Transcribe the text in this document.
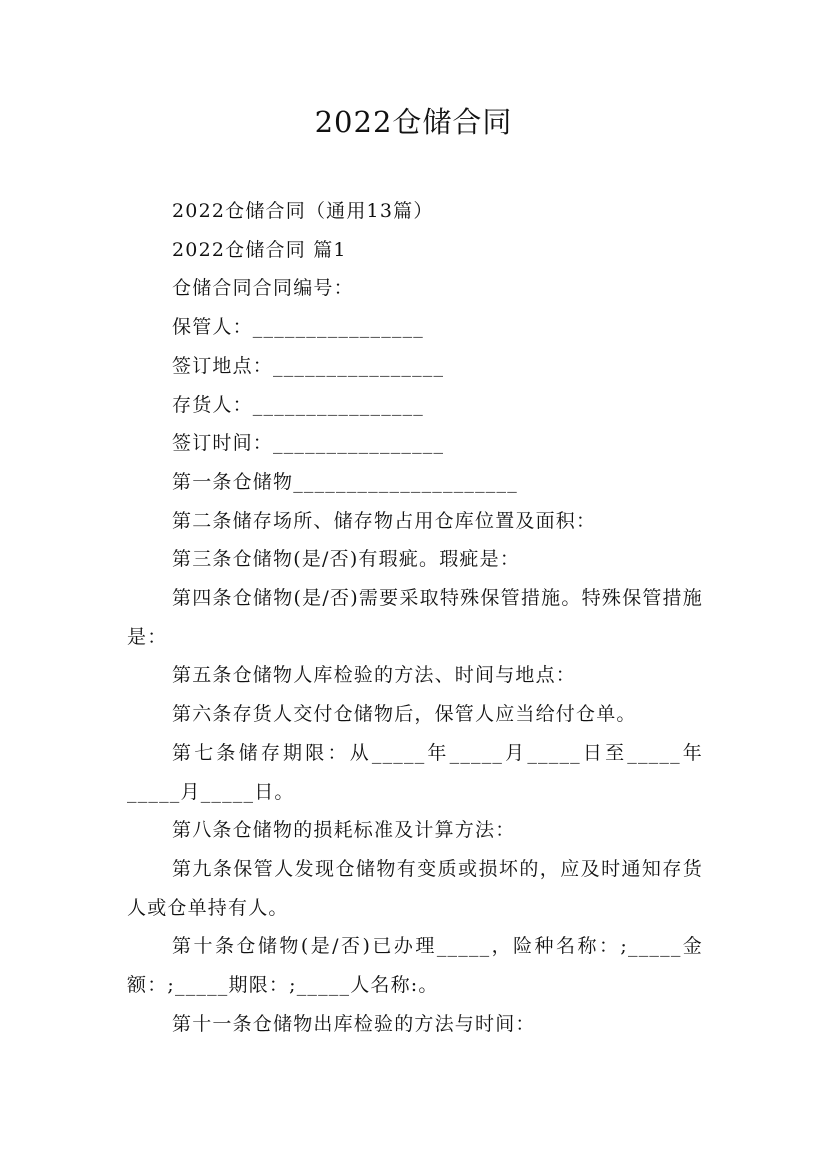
2022仓储合同

2022仓储合同（通用13篇）

2022仓储合同 篇1

仓储合同合同编号：

保管人：________________

签订地点：________________

存货人：________________

签订时间：________________

第一条仓储物_____________________

第二条储存场所、储存物占用仓库位置及面积：

第三条仓储物(是/否)有瑕疵。瑕疵是：

第四条仓储物(是/否)需要采取特殊保管措施。特殊保管措施是：

第五条仓储物人库检验的方法、时间与地点：

第六条存货人交付仓储物后，保管人应当给付仓单。

第七条储存期限：从_____年_____月_____日至_____年_____月_____日。

第八条仓储物的损耗标准及计算方法：

第九条保管人发现仓储物有变质或损坏的，应及时通知存货人或仓单持有人。

第十条仓储物(是/否)已办理_____，险种名称：;_____金额：;_____期限：;_____人名称:。

第十一条仓储物出库检验的方法与时间：
